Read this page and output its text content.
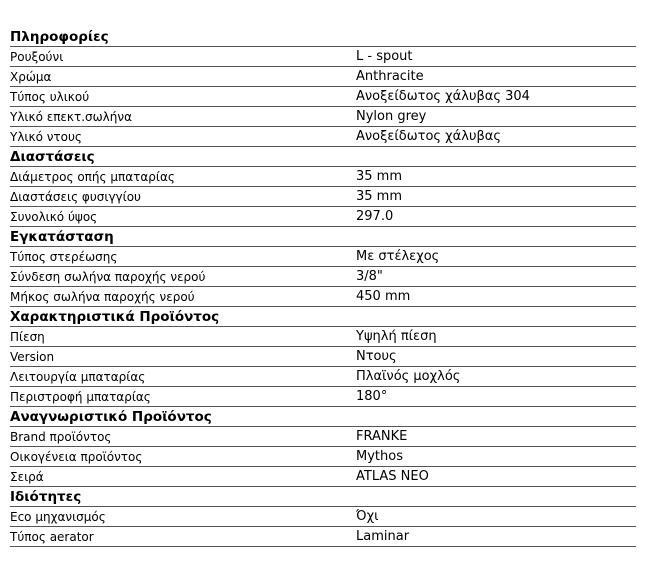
Πληροφορίες
Ρουξούνι	L - spout
Χρώμα	Anthracite
Τύπος υλικού	Ανοξείδωτος χάλυβας 304
Υλικό επεκτ.σωλήνα	Nylon grey
Υλικό ντους	Ανοξείδωτος χάλυβας
Διαστάσεις
Διάμετρος οπής μπαταρίας	35 mm
Διαστάσεις φυσιγγίου	35 mm
Συνολικό ύψος	297.0
Εγκατάσταση
Τύπος στερέωσης	Με στέλεχος
Σύνδεση σωλήνα παροχής νερού	3/8"
Μήκος σωλήνα παροχής νερού	450 mm
Χαρακτηριστικά Προϊόντος
Πίεση	Υψηλή πίεση
Version	Ντους
Λειτουργία μπαταρίας	Πλαϊνός μοχλός
Περιστροφή μπαταρίας	180°
Αναγνωριστικό Προϊόντος
Brand προϊόντος	FRANKE
Οικογένεια προϊόντος	Mythos
Σειρά	ATLAS NEO
Ιδιότητες
Eco μηχανισμός	Όχι
Τύπος aerator	Laminar
